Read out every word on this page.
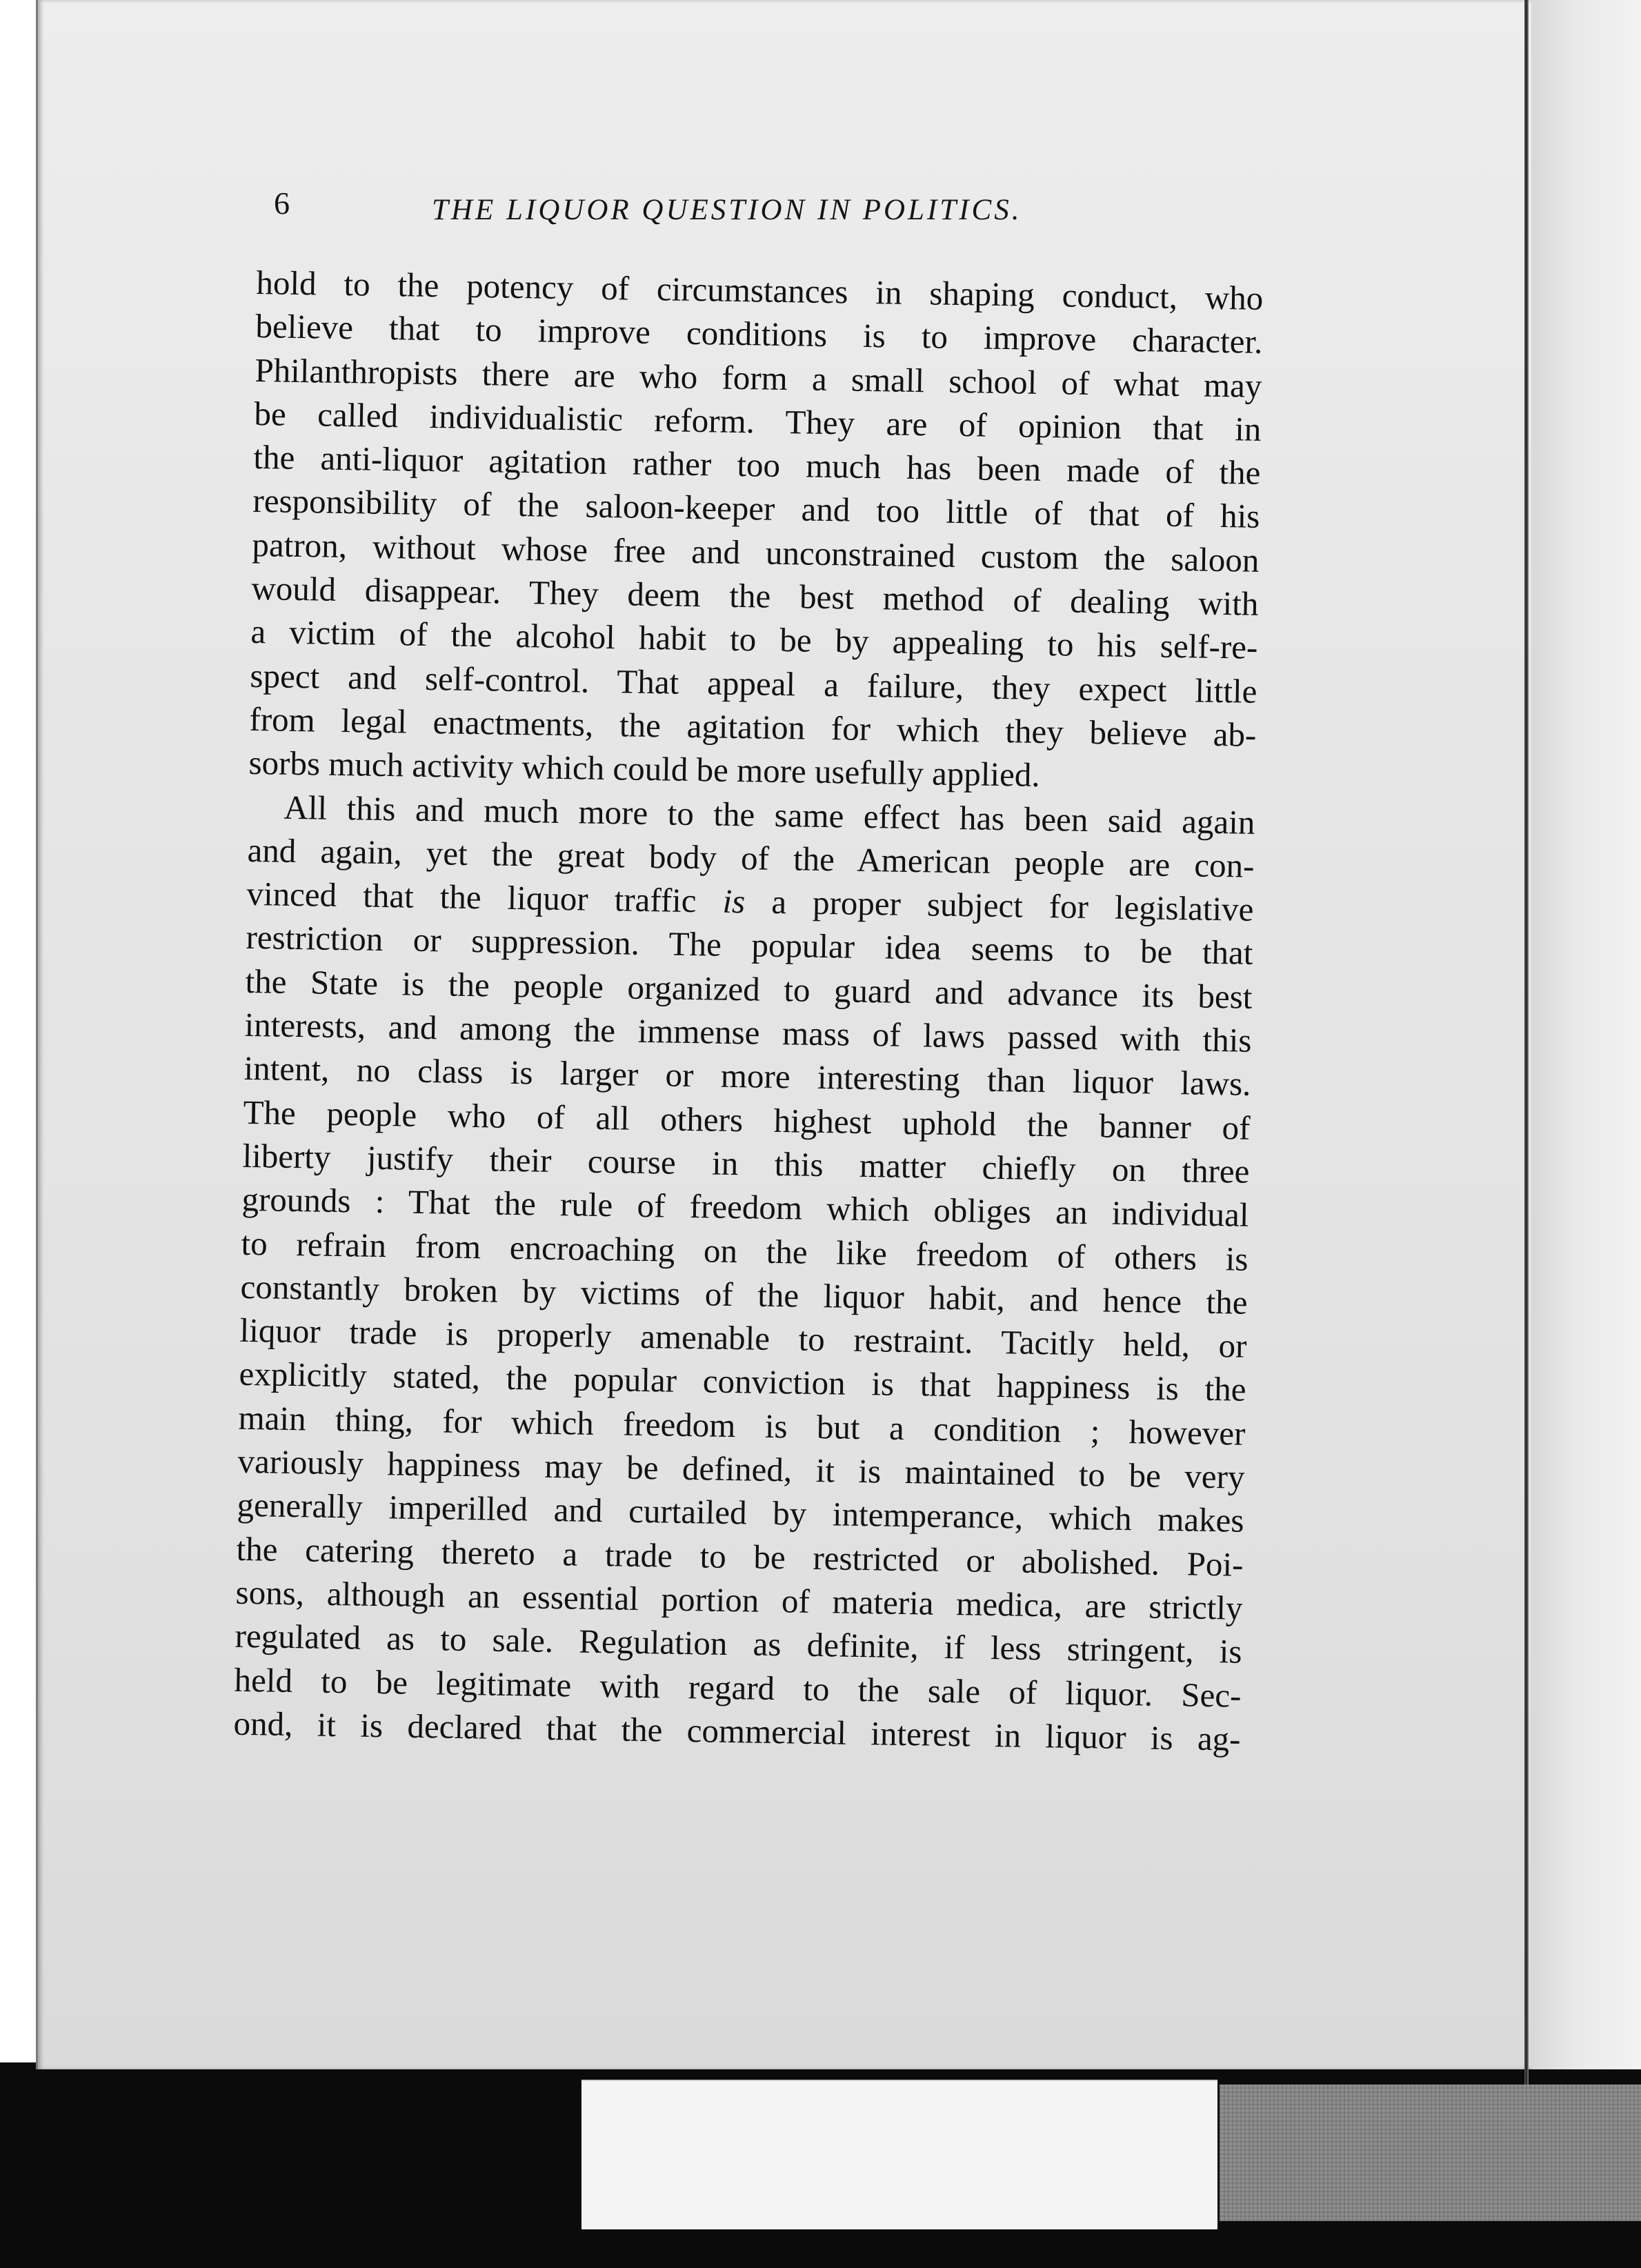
6	THE LIQUOR QUESTION IN POLITICS.
hold to the potency of circumstances in shaping conduct, who
believe that to improve conditions is to improve character.
Philanthropists there are who form a small school of what may
be called individualistic reform. They are of opinion that in
the anti-liquor agitation rather too much has been made of the
responsibility of the saloon-keeper and too little of that of his
patron, without whose free and unconstrained custom the saloon
would disappear. They deem the best method of dealing with
a victim of the alcohol habit to be by appealing to his self-re-
spect and self-control. That appeal a failure, they expect little
from legal enactments, the agitation for which they believe ab-
sorbs much activity which could be more usefully applied.
All this and much more to the same effect has been said again
and again, yet the great body of the American people are con-
vinced that the liquor traffic is a proper subject for legislative
restriction or suppression. The popular idea seems to be that
the State is the people organized to guard and advance its best
interests, and among the immense mass of laws passed with this
intent, no class is larger or more interesting than liquor laws.
The people who of all others highest uphold the banner of
liberty justify their course in this matter chiefly on three
grounds : That the rule of freedom which obliges an individual
to refrain from encroaching on the like freedom of others is
constantly broken by victims of the liquor habit, and hence the
liquor trade is properly amenable to restraint. Tacitly held, or
explicitly stated, the popular conviction is that happiness is the
main thing, for which freedom is but a condition ; however
variously happiness may be defined, it is maintained to be very
generally imperilled and curtailed by intemperance, which makes
the catering thereto a trade to be restricted or abolished. Poi-
sons, although an essential portion of materia medica, are strictly
regulated as to sale. Regulation as definite, if less stringent, is
held to be legitimate with regard to the sale of liquor. Sec-
ond, it is declared that the commercial interest in liquor is ag-
